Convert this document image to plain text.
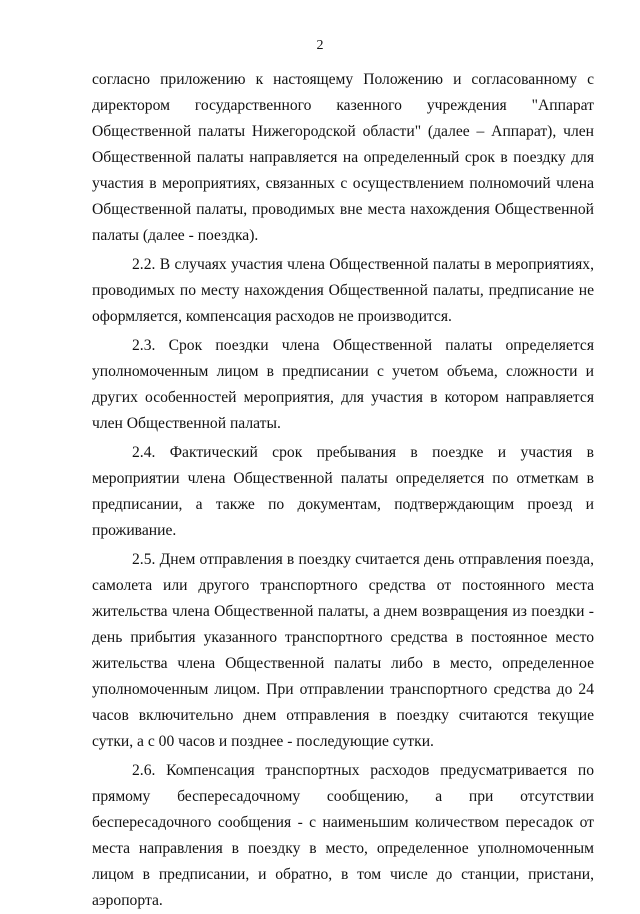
2

согласно приложению к настоящему Положению и согласованному с директором государственного казенного учреждения "Аппарат Общественной палаты Нижегородской области" (далее – Аппарат), член Общественной палаты направляется на определенный срок в поездку для участия в мероприятиях, связанных с осуществлением полномочий члена Общественной палаты, проводимых вне места нахождения Общественной палаты (далее - поездка).

2.2. В случаях участия члена Общественной палаты в мероприятиях, проводимых по месту нахождения Общественной палаты, предписание не оформляется, компенсация расходов не производится.

2.3. Срок поездки члена Общественной палаты определяется уполномоченным лицом в предписании с учетом объема, сложности и других особенностей мероприятия, для участия в котором направляется член Общественной палаты.

2.4. Фактический срок пребывания в поездке и участия в мероприятии члена Общественной палаты определяется по отметкам в предписании, а также по документам, подтверждающим проезд и проживание.

2.5. Днем отправления в поездку считается день отправления поезда, самолета или другого транспортного средства от постоянного места жительства члена Общественной палаты, а днем возвращения из поездки - день прибытия указанного транспортного средства в постоянное место жительства члена Общественной палаты либо в место, определенное уполномоченным лицом. При отправлении транспортного средства до 24 часов включительно днем отправления в поездку считаются текущие сутки, а с 00 часов и позднее - последующие сутки.

2.6. Компенсация транспортных расходов предусматривается по прямому беспересадочному сообщению, а при отсутствии беспересадочного сообщения - с наименьшим количеством пересадок от места направления в поездку в место, определенное уполномоченным лицом в предписании, и обратно, в том числе до станции, пристани, аэропорта.
